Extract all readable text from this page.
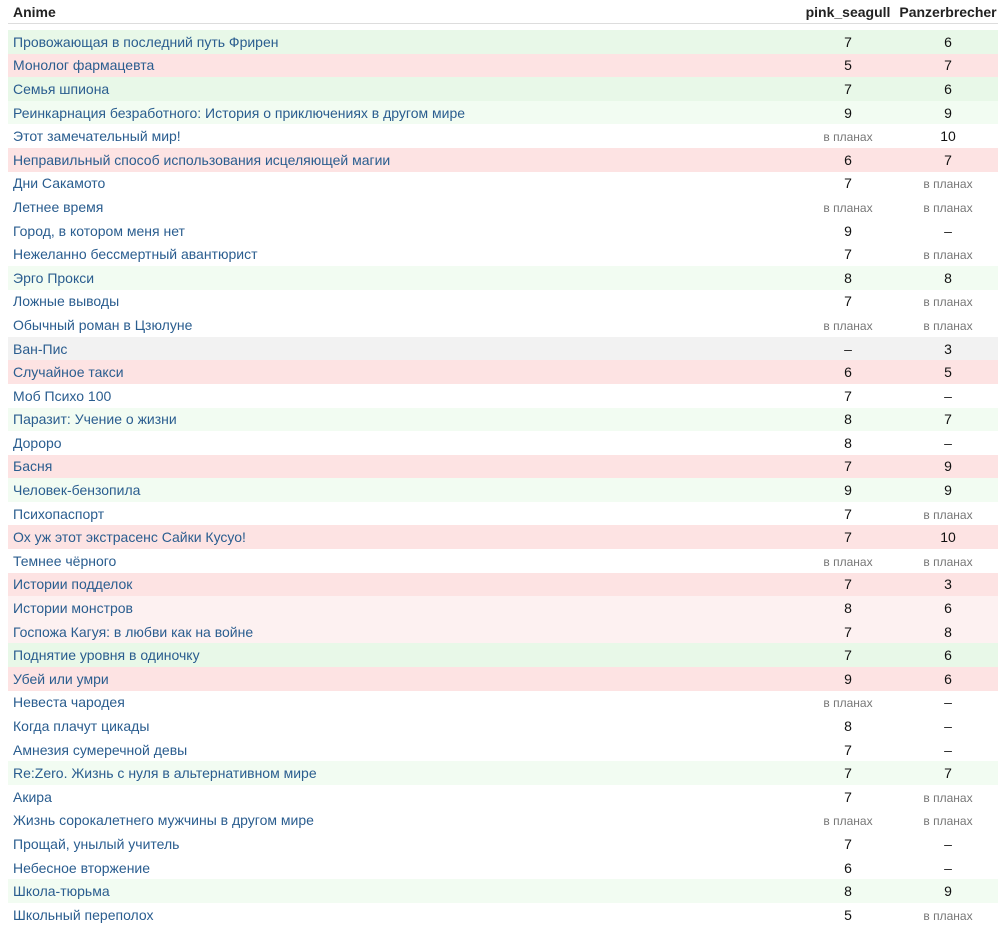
Anime	pink_seagull Panzerbrecher
Провожающая в последний путь Фрирен	7	6
Монолог фармацевта	5	7
Семья шпиона	7	6
Реинкарнация безработного: История о приключениях в другом мире	9	9
Этот замечательный мир!	в планах	10
Неправильный способ использования исцеляющей магии	6	7
Дни Сакамото	7	в планах
Летнее время	в планах	в планах
Город, в котором меня нет	9	–
Нежеланно бессмертный авантюрист	7	в планах
Эрго Прокси	8	8
Ложные выводы	7	в планах
Обычный роман в Цзюлуне	в планах	в планах
Ван-Пис	–	3
Случайное такси	6	5
Моб Психо 100	7	–
Паразит: Учение о жизни	8	7
Дороро	8	–
Басня	7	9
Человек-бензопила	9	9
Психопаспорт	7	в планах
Ох уж этот экстрасенс Сайки Кусуо!	7	10
Темнее чёрного	в планах	в планах
Истории подделок	7	3
Истории монстров	8	6
Госпожа Кагуя: в любви как на войне	7	8
Поднятие уровня в одиночку	7	6
Убей или умри	9	6
Невеста чародея	в планах	–
Когда плачут цикады	8	–
Амнезия сумеречной девы	7	–
Re:Zero. Жизнь с нуля в альтернативном мире	7	7
Акира	7	в планах
Жизнь сорокалетнего мужчины в другом мире	в планах	в планах
Прощай, унылый учитель	7	–
Небесное вторжение	6	–
Школа-тюрьма	8	9
Школьный переполох	5	в планах
